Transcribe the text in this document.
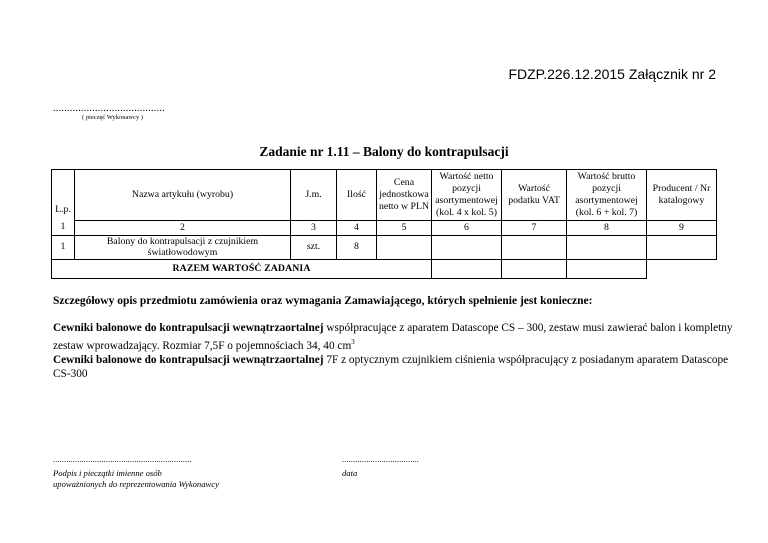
FDZP.226.12.2015 Załącznik nr 2
........................................
( pieczęć Wykonawcy )
Zadanie nr 1.11 – Balony do kontrapulsacji
L.p.	Nazwa artykułu (wyrobu)	J.m.	Ilość	Cena jednostkowa netto w PLN	Wartość netto pozycji asortymentowej (kol. 4 x kol. 5)	Wartość podatku VAT	Wartość brutto pozycji asortymentowej (kol. 6 + kol. 7)	Producent / Nr katalogowy
1	2	3	4	5	6	7	8	9
1	Balony do kontrapulsacji z czujnikiem światłowodowym	szt.	8					
RAZEM WARTOŚĆ ZADANIA								
Szczegółowy opis przedmiotu zamówienia oraz wymagania Zamawiającego, których spełnienie jest konieczne:
Cewniki balonowe do kontrapulsacji wewnątrzaortalnej współpracujące z aparatem Datascope CS – 300, zestaw musi zawierać balon i kompletny zestaw wprowadzający. Rozmiar 7,5F o pojemnościach 34, 40 $cm^3$
Cewniki balonowe do kontrapulsacji wewnątrzaortalnej 7F z optycznym czujnikiem ciśnienia współpracujący z posiadanym aparatem Datascope CS-300
...............................................................
Podpis i pieczątki imienne osób
upoważnionych do reprezentowania Wykonawcy
...................................
data
